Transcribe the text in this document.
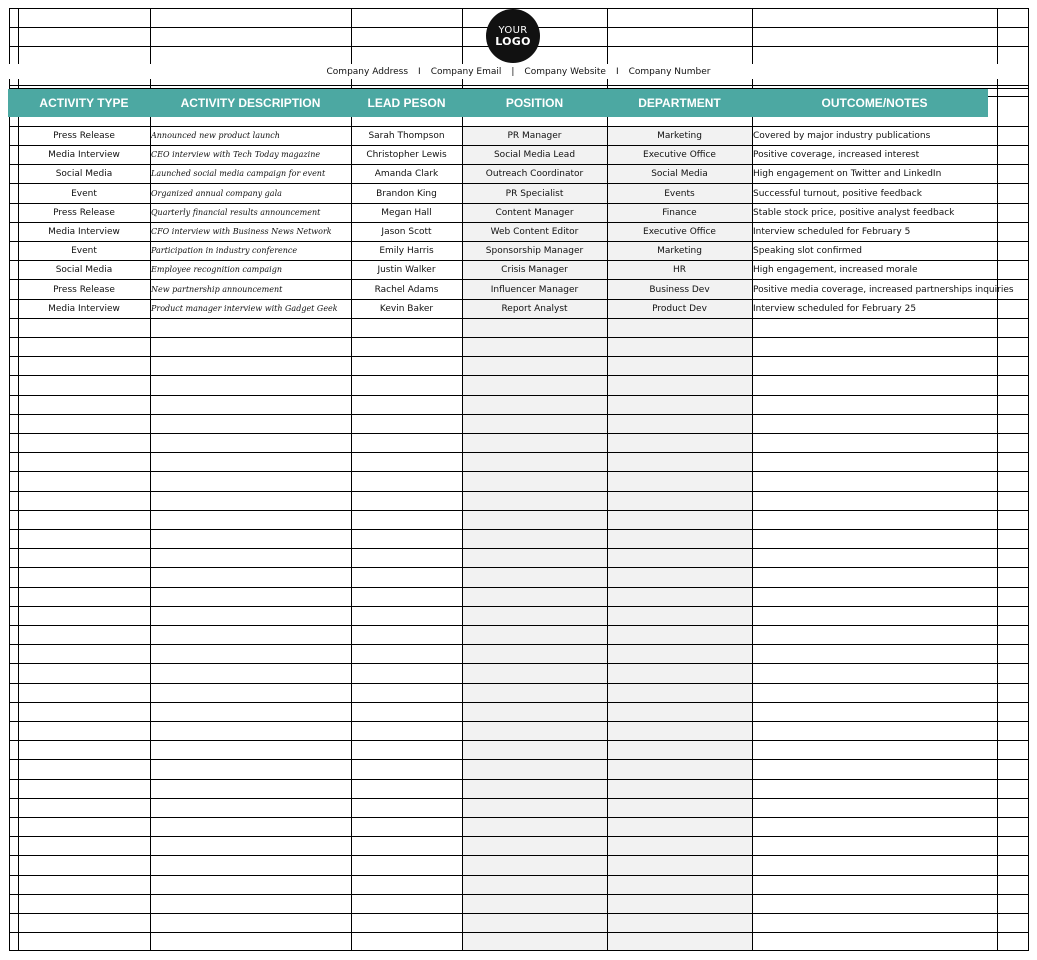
YOUR
LOGO
Company Address I Company Email | Company Website I Company Number
ACTIVITY TYPE	ACTIVITY DESCRIPTION	LEAD PESON	POSITION	DEPARTMENT	OUTCOME/NOTES
Press Release	Announced new product launch	Sarah Thompson	PR Manager	Marketing	Covered by major industry publications
Media Interview	CEO interview with Tech Today magazine	Christopher Lewis	Social Media Lead	Executive Office	Positive coverage, increased interest
Social Media	Launched social media campaign for event	Amanda Clark	Outreach Coordinator	Social Media	High engagement on Twitter and LinkedIn
Event	Organized annual company gala	Brandon King	PR Specialist	Events	Successful turnout, positive feedback
Press Release	Quarterly financial results announcement	Megan Hall	Content Manager	Finance	Stable stock price, positive analyst feedback
Media Interview	CFO interview with Business News Network	Jason Scott	Web Content Editor	Executive Office	Interview scheduled for February 5
Event	Participation in industry conference	Emily Harris	Sponsorship Manager	Marketing	Speaking slot confirmed
Social Media	Employee recognition campaign	Justin Walker	Crisis Manager	HR	High engagement, increased morale
Press Release	New partnership announcement	Rachel Adams	Influencer Manager	Business Dev	Positive media coverage, increased partnerships inquiries
Media Interview	Product manager interview with Gadget Geek	Kevin Baker	Report Analyst	Product Dev	Interview scheduled for February 25
